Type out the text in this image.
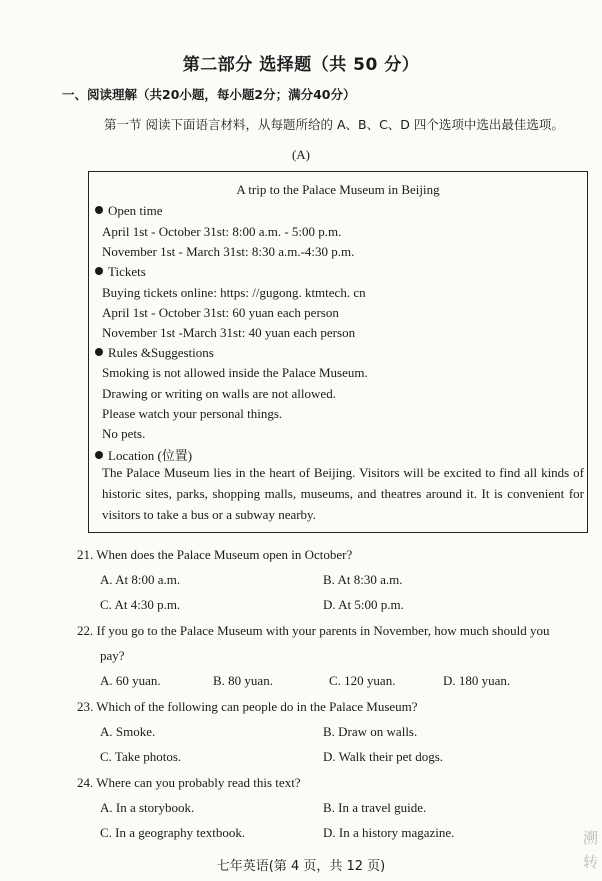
第二部分 选择题（共 50 分）
一、阅读理解（共20小题，每小题2分；满分40分）
第一节 阅读下面语言材料，从每题所给的 A、B、C、D 四个选项中选出最佳选项。
(A)
A trip to the Palace Museum in Beijing
Open time
April 1st - October 31st: 8:00 a.m. - 5:00 p.m.
November 1st - March 31st: 8:30 a.m.-4:30 p.m.
Tickets
Buying tickets online: https: //gugong. ktmtech. cn
April 1st - October 31st: 60 yuan each person
November 1st -March 31st: 40 yuan each person
Rules &Suggestions
Smoking is not allowed inside the Palace Museum.
Drawing or writing on walls are not allowed.
Please watch your personal things.
No pets.
Location (位置)
The Palace Museum lies in the heart of Beijing. Visitors will be excited to find all kinds of historic sites, parks, shopping malls, museums, and theatres around it. It is convenient for visitors to take a bus or a subway nearby.
21. When does the Palace Museum open in October?
A. At 8:00 a.m.	B. At 8:30 a.m.
C. At 4:30 p.m.	D. At 5:00 p.m.
22. If you go to the Palace Museum with your parents in November, how much should you
pay?
A. 60 yuan.	B. 80 yuan.	C. 120 yuan.	D. 180 yuan.
23. Which of the following can people do in the Palace Museum?
A. Smoke.	B. Draw on walls.
C. Take photos.	D. Walk their pet dogs.
24. Where can you probably read this text?
A. In a storybook.	B. In a travel guide.
C. In a geography textbook.	D. In a history magazine.
七年英语(第 4 页，共 12 页)
溯
转
